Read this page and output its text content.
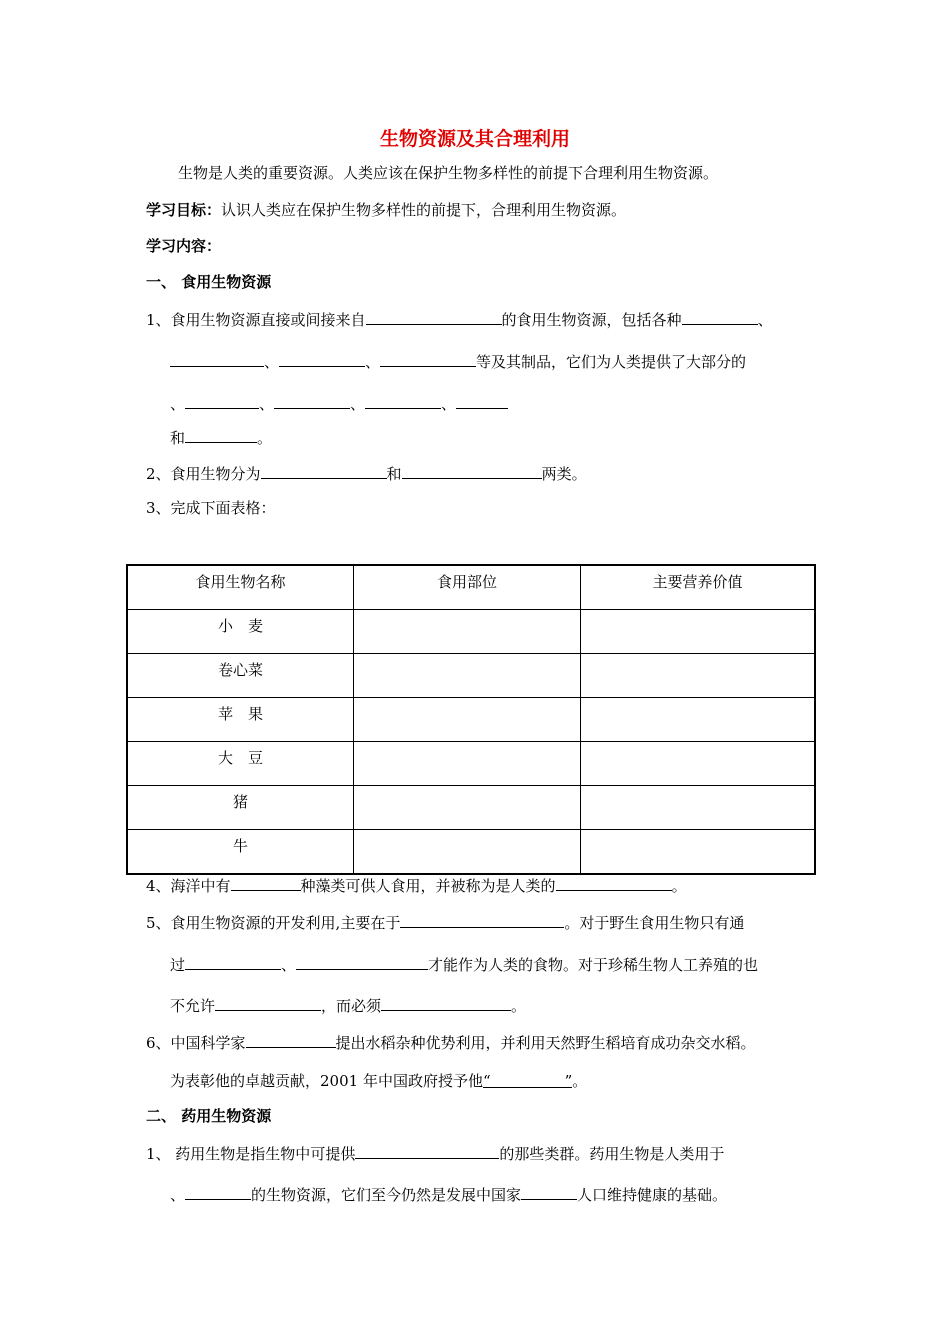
生物资源及其合理利用
生物是人类的重要资源。人类应该在保护生物多样性的前提下合理利用生物资源。
学习目标：认识人类应在保护生物多样性的前提下，合理利用生物资源。
学习内容：
一、 食用生物资源
1、食用生物资源直接或间接来自	的食用生物资源，包括各种	、
、	、	等及其制品，它们为人类提供了大部分的
、	、	、	、
和	。
2、食用生物分为	和	两类。
3、完成下面表格：
食用生物名称	食用部位	主要营养价值
小　麦		
卷心菜		
苹　果		
大　豆		
猪		
牛		
4、海洋中有	种藻类可供人食用，并被称为是人类的	。
5、食用生物资源的开发利用,主要在于	。对于野生食用生物只有通
过	、	才能作为人类的食物。对于珍稀生物人工养殖的也
不允许	，而必须	。
6、中国科学家	提出水稻杂种优势利用，并利用天然野生稻培育成功杂交水稻。
为表彰他的卓越贡献，2001 年中国政府授予他“	”。
二、 药用生物资源
1、 药用生物是指生物中可提供	的那些类群。药用生物是人类用于
、	的生物资源，它们至今仍然是发展中国家	人口维持健康的基础。
